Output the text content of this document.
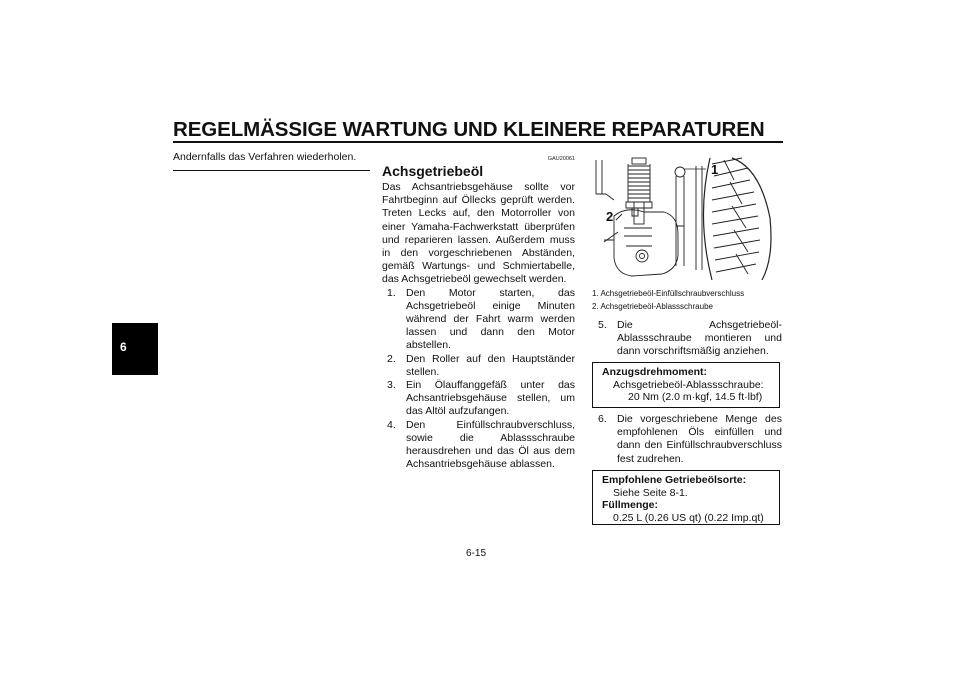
REGELMÄSSIGE WARTUNG UND KLEINERE REPARATUREN
6
Andernfalls das Verfahren wiederholen.	GAU20061
Achsgetriebeöl

Das Achsantriebsgehäuse sollte vor Fahrtbeginn auf Öllecks geprüft werden. Treten Lecks auf, den Motorroller von einer Yamaha-Fachwerkstatt überprüfen und reparieren lassen. Außerdem muss in den vorgeschriebenen Abständen, gemäß Wartungs- und Schmiertabelle, das Achsgetriebeöl gewechselt werden.

1. Den Motor starten, das Achsgetriebeöl einige Minuten während der Fahrt warm werden lassen und dann den Motor abstellen.
2. Den Roller auf den Hauptständer stellen.
3. Ein Ölauffanggefäß unter das Achsantriebsgehäuse stellen, um das Altöl aufzufangen.
4. Den Einfüllschraubverschluss, sowie die Ablassschraube herausdrehen und das Öl aus dem Achsantriebsgehäuse ablassen.
1
2
1. Achsgetriebeöl-Einfüllschraubverschluss
2. Achsgetriebeöl-Ablassschraube
5. Die Achsgetriebeöl-Ablassschraube montieren und dann vorschriftsmäßig anziehen.
Anzugsdrehmoment:
Achsgetriebeöl-Ablassschraube:
20 Nm (2.0 m·kgf, 14.5 ft·lbf)
6. Die vorgeschriebene Menge des empfohlenen Öls einfüllen und dann den Einfüllschraubverschluss fest zudrehen.
Empfohlene Getriebeölsorte:
Siehe Seite 8-1.
Füllmenge:
0.25 L (0.26 US qt) (0.22 Imp.qt)
6-15
